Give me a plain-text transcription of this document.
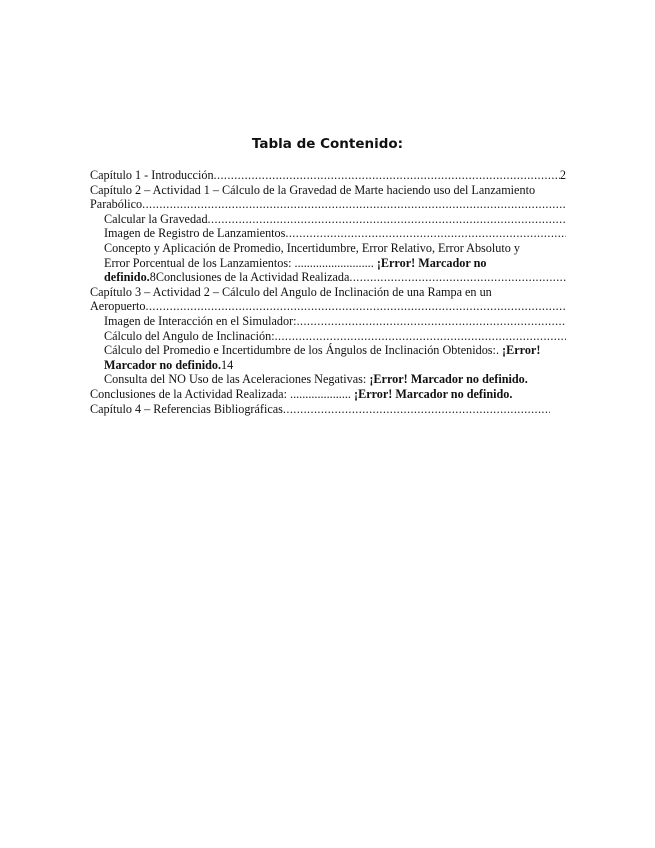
Tabla de Contenido:
Capítulo 1 - Introducción
.....	2
Capítulo 2 – Actividad 1 – Cálculo de la Gravedad de Marte haciendo uso del Lanzamiento
Parabólico
.....
Calcular la Gravedad
.....
Imagen de Registro de Lanzamientos
.....
Concepto y Aplicación de Promedio, Incertidumbre, Error Relativo, Error Absoluto y
Error Porcentual de los Lanzamientos: .......................... ¡Error! Marcador no
definido. 8 Conclusiones de la Actividad Realizada
.....
Capítulo 3 – Actividad 2 – Cálculo del Angulo de Inclinación de una Rampa en un
Aeropuerto
.....
Imagen de Interacción en el Simulador:
.....
Cálculo del Angulo de Inclinación:
.....
Cálculo del Promedio e Incertidumbre de los Ángulos de Inclinación Obtenidos:. ¡Error!
Marcador no definido.14
Consulta del NO Uso de las Aceleraciones Negativas: ¡Error! Marcador no definido.
Conclusiones de la Actividad Realizada: .................... ¡Error! Marcador no definido.
Capítulo 4 – Referencias Bibliográficas
.....
